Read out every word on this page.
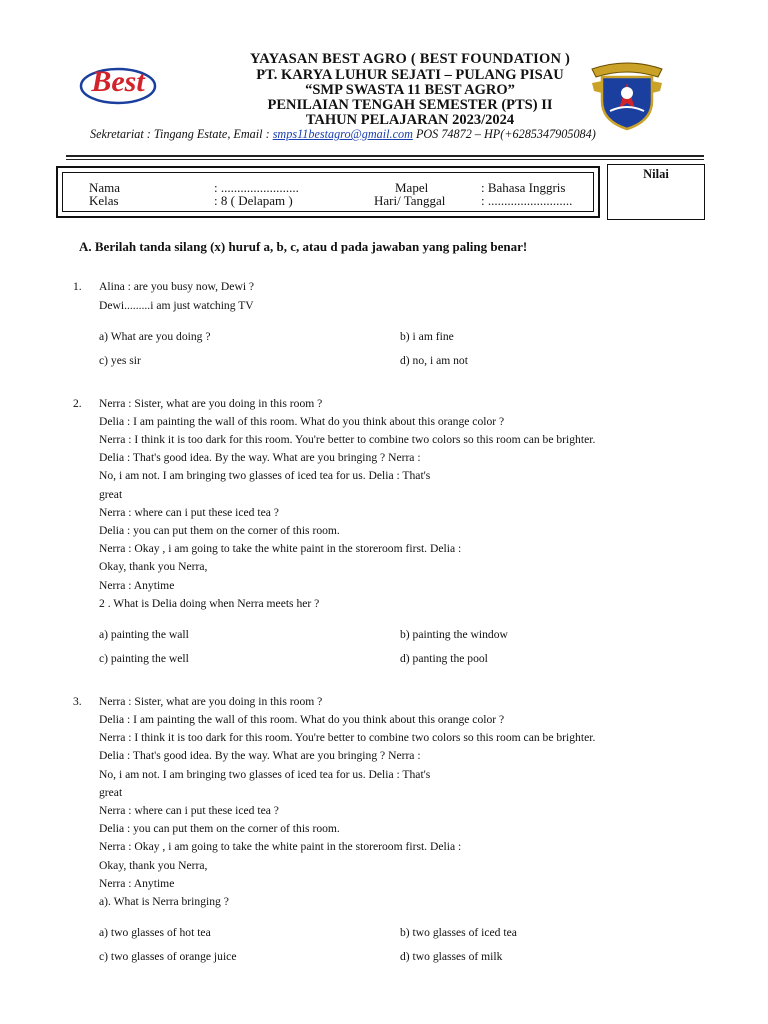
Best
YAYASAN BEST AGRO ( BEST FOUNDATION )
PT. KARYA LUHUR SEJATI – PULANG PISAU
“SMP SWASTA 11 BEST AGRO”
PENILAIAN TENGAH SEMESTER (PTS) II
TAHUN PELAJARAN 2023/2024
Sekretariat : Tingang Estate, Email : smps11bestagro@gmail.com POS 74872 – HP(+6285347905084)
Nama	: ........................
Kelas	: 8 ( Delapam )
Mapel	: Bahasa Inggris
Hari/ Tanggal	: ..........................
Nilai
A. Berilah tanda silang (x) huruf a, b, c, atau d pada jawaban yang paling benar!
1. Alina : are you busy now, Dewi ?
Dewi.........i am just watching TV
a) What are you doing ?	b) i am fine
c) yes sir	d) no, i am not
2. Nerra : Sister, what are you doing in this room ?
Delia : I am painting the wall of this room. What do you think about this orange color ?
Nerra : I think it is too dark for this room. You're better to combine two colors so this room can be brighter.
Delia : That's good idea. By the way. What are you bringing ? Nerra :
No, i am not. I am bringing two glasses of iced tea for us. Delia : That's
great
Nerra : where can i put these iced tea ?
Delia : you can put them on the corner of this room.
Nerra : Okay , i am going to take the white paint in the storeroom first. Delia :
Okay, thank you Nerra,
Nerra : Anytime
2 . What is Delia doing when Nerra meets her ?
a) painting the wall	b) painting the window
c) painting the well	d) panting the pool
3. Nerra : Sister, what are you doing in this room ?
Delia : I am painting the wall of this room. What do you think about this orange color ?
Nerra : I think it is too dark for this room. You're better to combine two colors so this room can be brighter.
Delia : That's good idea. By the way. What are you bringing ? Nerra :
No, i am not. I am bringing two glasses of iced tea for us. Delia : That's
great
Nerra : where can i put these iced tea ?
Delia : you can put them on the corner of this room.
Nerra : Okay , i am going to take the white paint in the storeroom first. Delia :
Okay, thank you Nerra,
Nerra : Anytime
a). What is Nerra bringing ?
a) two glasses of hot tea	b) two glasses of iced tea
c) two glasses of orange juice	d) two glasses of milk
